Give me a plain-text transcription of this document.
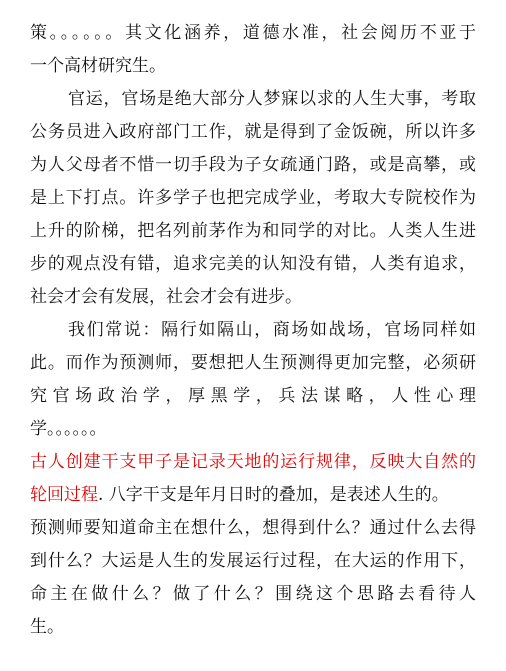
策。。。。。。其文化涵养，道德水准，社会阅历不亚于
一个高材研究生。
官运，官场是绝大部分人梦寐以求的人生大事，考取
公务员进入政府部门工作，就是得到了金饭碗，所以许多
为人父母者不惜一切手段为子女疏通门路，或是高攀，或
是上下打点。许多学子也把完成学业，考取大专院校作为
上升的阶梯，把名列前茅作为和同学的对比。人类人生进
步的观点没有错，追求完美的认知没有错，人类有追求，
社会才会有发展，社会才会有进步。
我们常说：隔行如隔山，商场如战场，官场同样如
此。而作为预测师，要想把人生预测得更加完整，必须研
究官场政治学，厚黑学，兵法谋略，人性心理
学。。。。。。
古人创建干支甲子是记录天地的运行规律，反映大自然的
轮回过程. 八字干支是年月日时的叠加，是表述人生的。
预测师要知道命主在想什么，想得到什么？通过什么去得
到什么？大运是人生的发展运行过程，在大运的作用下，
命主在做什么？做了什么？围绕这个思路去看待人
生。
